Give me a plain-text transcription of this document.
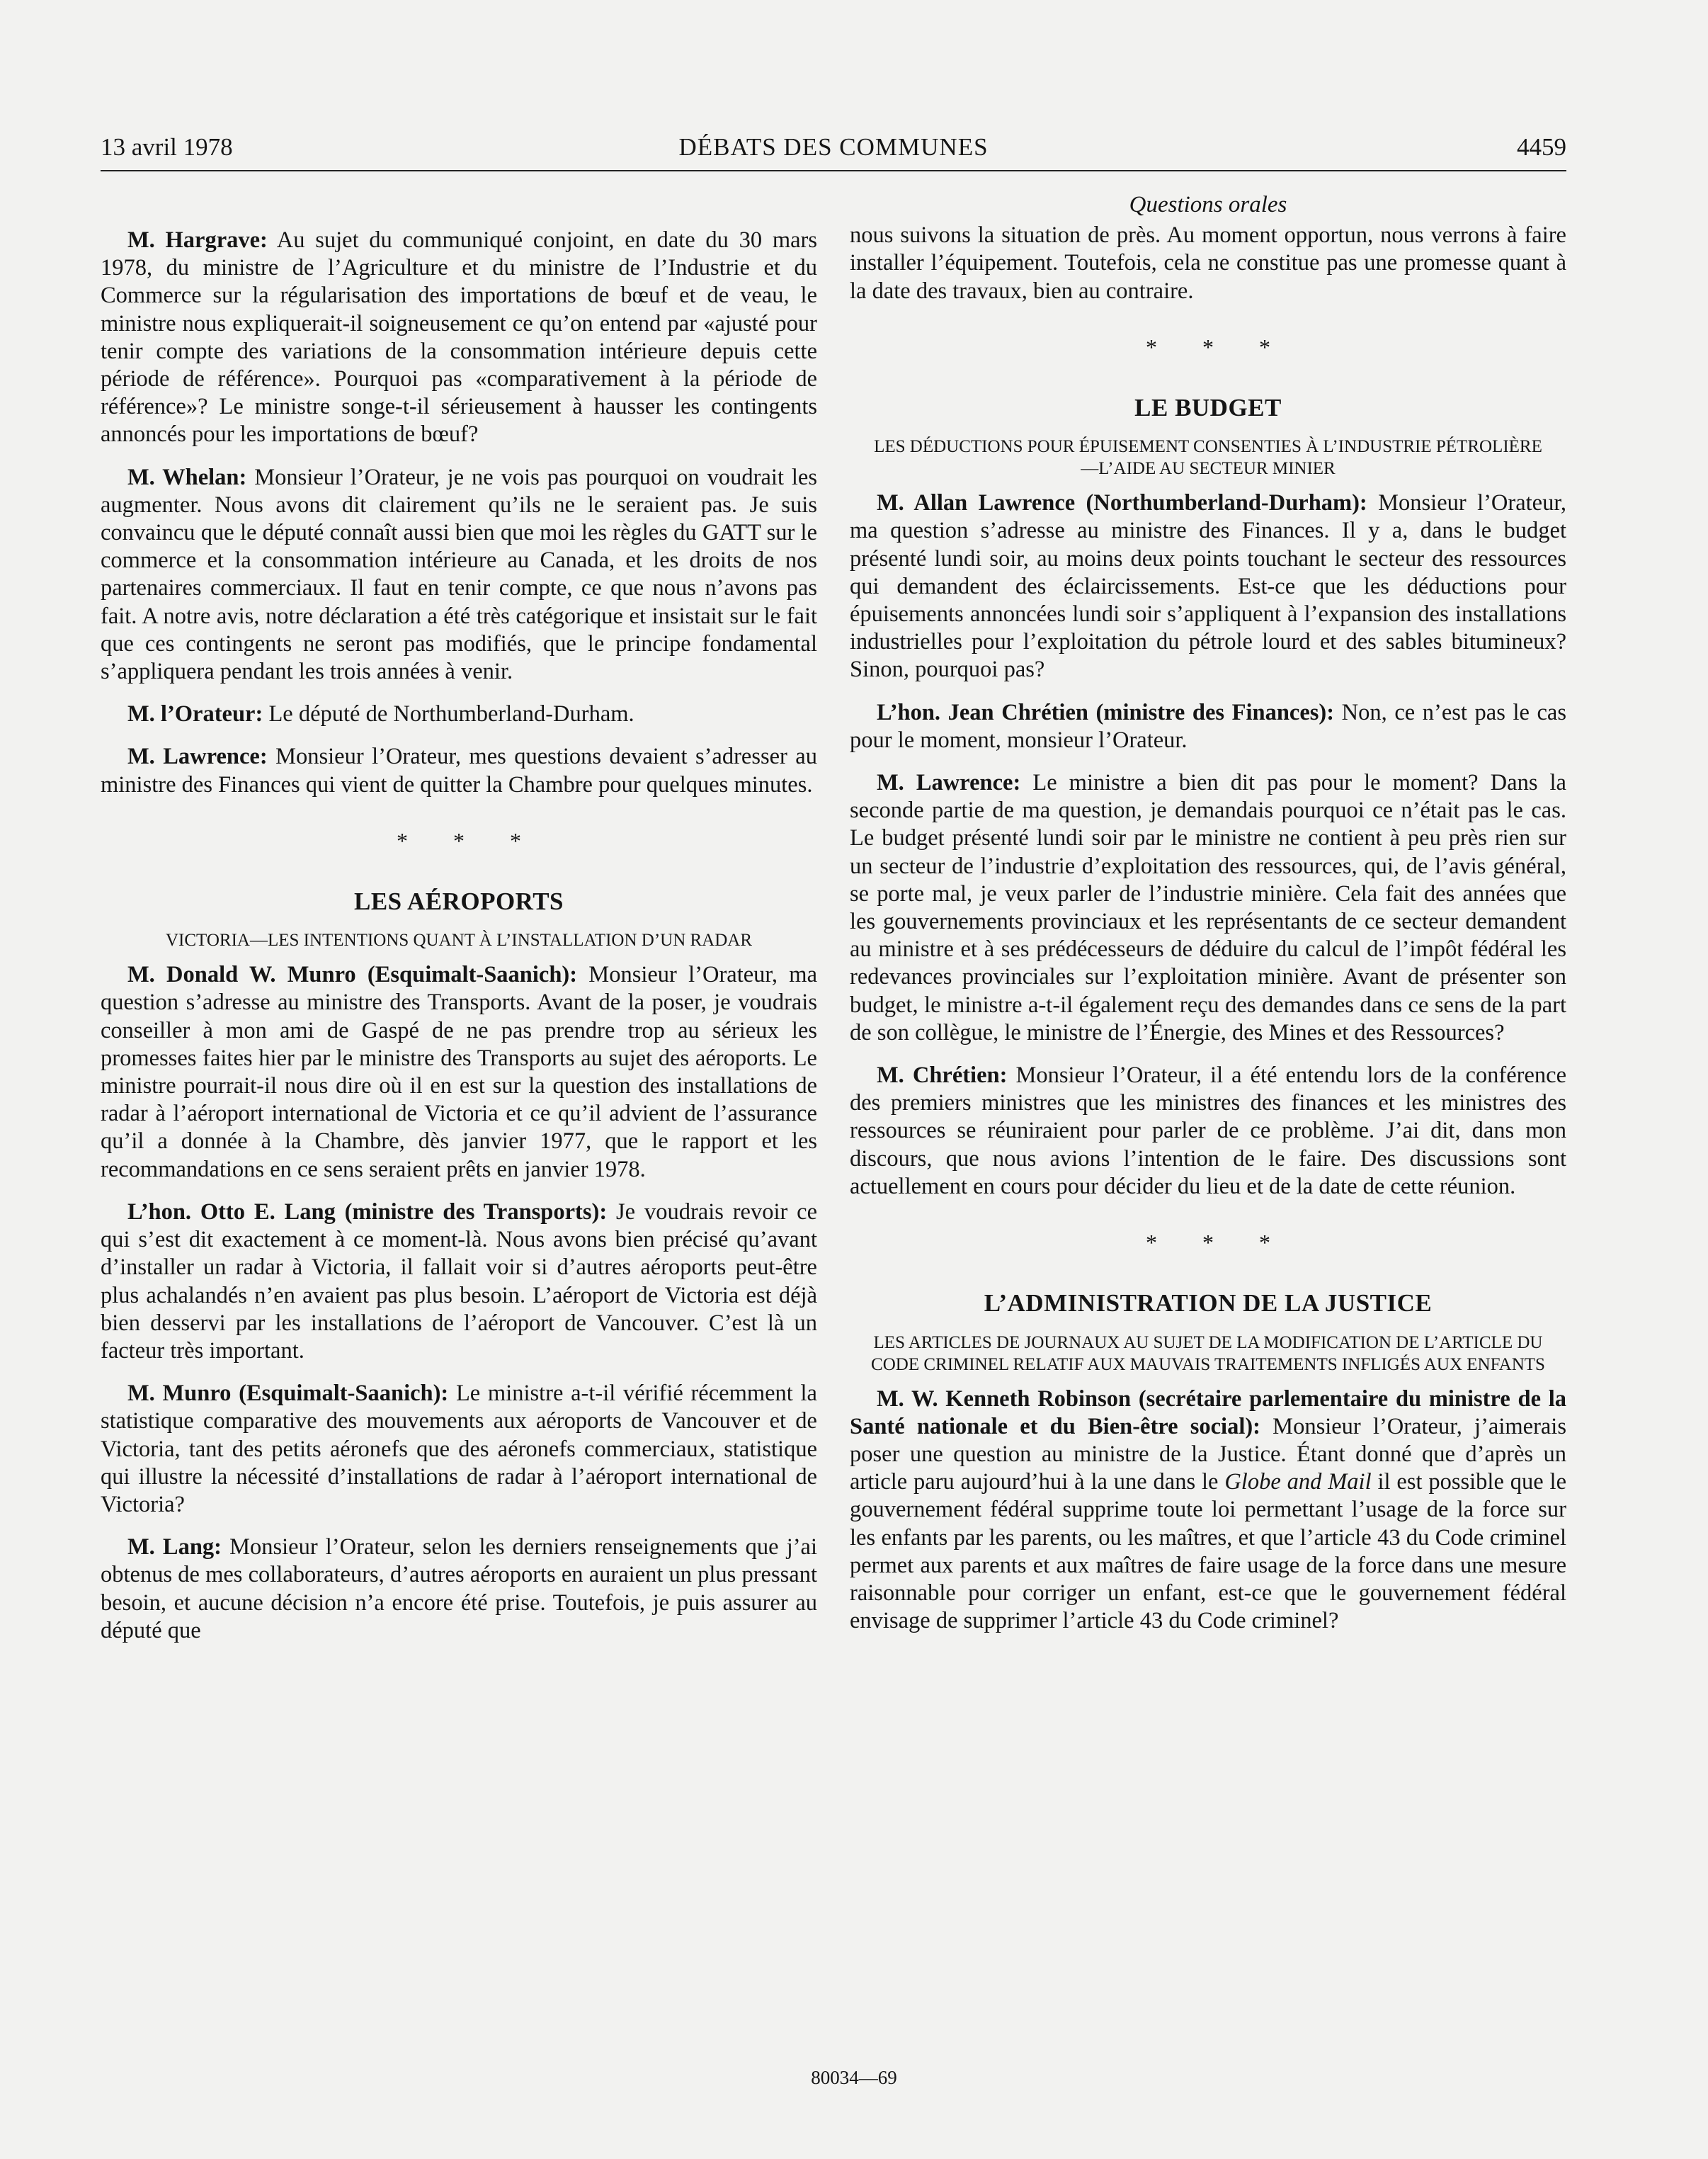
13 avril 1978	DÉBATS DES COMMUNES	4459

M. Hargrave: Au sujet du communiqué conjoint, en date du 30 mars 1978, du ministre de l’Agriculture et du ministre de l’Industrie et du Commerce sur la régularisation des importations de bœuf et de veau, le ministre nous expliquerait-il soigneusement ce qu’on entend par «ajusté pour tenir compte des variations de la consommation intérieure depuis cette période de référence». Pourquoi pas «comparativement à la période de référence»? Le ministre songe-t-il sérieusement à hausser les contingents annoncés pour les importations de bœuf?

M. Whelan: Monsieur l’Orateur, je ne vois pas pourquoi on voudrait les augmenter. Nous avons dit clairement qu’ils ne le seraient pas. Je suis convaincu que le député connaît aussi bien que moi les règles du GATT sur le commerce et la consommation intérieure au Canada, et les droits de nos partenaires commerciaux. Il faut en tenir compte, ce que nous n’avons pas fait. A notre avis, notre déclaration a été très catégorique et insistait sur le fait que ces contingents ne seront pas modifiés, que le principe fondamental s’appliquera pendant les trois années à venir.

M. l’Orateur: Le député de Northumberland-Durham.

M. Lawrence: Monsieur l’Orateur, mes questions devaient s’adresser au ministre des Finances qui vient de quitter la Chambre pour quelques minutes.

* * *
LES AÉROPORTS
VICTORIA—LES INTENTIONS QUANT À L’INSTALLATION D’UN RADAR

M. Donald W. Munro (Esquimalt-Saanich): Monsieur l’Orateur, ma question s’adresse au ministre des Transports. Avant de la poser, je voudrais conseiller à mon ami de Gaspé de ne pas prendre trop au sérieux les promesses faites hier par le ministre des Transports au sujet des aéroports. Le ministre pourrait-il nous dire où il en est sur la question des installations de radar à l’aéroport international de Victoria et ce qu’il advient de l’assurance qu’il a donnée à la Chambre, dès janvier 1977, que le rapport et les recommandations en ce sens seraient prêts en janvier 1978.

L’hon. Otto E. Lang (ministre des Transports): Je voudrais revoir ce qui s’est dit exactement à ce moment-là. Nous avons bien précisé qu’avant d’installer un radar à Victoria, il fallait voir si d’autres aéroports peut-être plus achalandés n’en avaient pas plus besoin. L’aéroport de Victoria est déjà bien desservi par les installations de l’aéroport de Vancouver. C’est là un facteur très important.

M. Munro (Esquimalt-Saanich): Le ministre a-t-il vérifié récemment la statistique comparative des mouvements aux aéroports de Vancouver et de Victoria, tant des petits aéronefs que des aéronefs commerciaux, statistique qui illustre la nécessité d’installations de radar à l’aéroport international de Victoria?

M. Lang: Monsieur l’Orateur, selon les derniers renseignements que j’ai obtenus de mes collaborateurs, d’autres aéroports en auraient un plus pressant besoin, et aucune décision n’a encore été prise. Toutefois, je puis assurer au député que

Questions orales

nous suivons la situation de près. Au moment opportun, nous verrons à faire installer l’équipement. Toutefois, cela ne constitue pas une promesse quant à la date des travaux, bien au contraire.

* * *
LE BUDGET
LES DÉDUCTIONS POUR ÉPUISEMENT CONSENTIES À L’INDUSTRIE PÉTROLIÈRE—L’AIDE AU SECTEUR MINIER

M. Allan Lawrence (Northumberland-Durham): Monsieur l’Orateur, ma question s’adresse au ministre des Finances. Il y a, dans le budget présenté lundi soir, au moins deux points touchant le secteur des ressources qui demandent des éclaircissements. Est-ce que les déductions pour épuisements annoncées lundi soir s’appliquent à l’expansion des installations industrielles pour l’exploitation du pétrole lourd et des sables bitumineux? Sinon, pourquoi pas?

L’hon. Jean Chrétien (ministre des Finances): Non, ce n’est pas le cas pour le moment, monsieur l’Orateur.

M. Lawrence: Le ministre a bien dit pas pour le moment? Dans la seconde partie de ma question, je demandais pourquoi ce n’était pas le cas. Le budget présenté lundi soir par le ministre ne contient à peu près rien sur un secteur de l’industrie d’exploitation des ressources, qui, de l’avis général, se porte mal, je veux parler de l’industrie minière. Cela fait des années que les gouvernements provinciaux et les représentants de ce secteur demandent au ministre et à ses prédécesseurs de déduire du calcul de l’impôt fédéral les redevances provinciales sur l’exploitation minière. Avant de présenter son budget, le ministre a-t-il également reçu des demandes dans ce sens de la part de son collègue, le ministre de l’Énergie, des Mines et des Ressources?

M. Chrétien: Monsieur l’Orateur, il a été entendu lors de la conférence des premiers ministres que les ministres des finances et les ministres des ressources se réuniraient pour parler de ce problème. J’ai dit, dans mon discours, que nous avions l’intention de le faire. Des discussions sont actuellement en cours pour décider du lieu et de la date de cette réunion.

* * *
L’ADMINISTRATION DE LA JUSTICE
LES ARTICLES DE JOURNAUX AU SUJET DE LA MODIFICATION DE L’ARTICLE DU CODE CRIMINEL RELATIF AUX MAUVAIS TRAITEMENTS INFLIGÉS AUX ENFANTS

M. W. Kenneth Robinson (secrétaire parlementaire du ministre de la Santé nationale et du Bien-être social): Monsieur l’Orateur, j’aimerais poser une question au ministre de la Justice. Étant donné que d’après un article paru aujourd’hui à la une dans le Globe and Mail il est possible que le gouvernement fédéral supprime toute loi permettant l’usage de la force sur les enfants par les parents, ou les maîtres, et que l’article 43 du Code criminel permet aux parents et aux maîtres de faire usage de la force dans une mesure raisonnable pour corriger un enfant, est-ce que le gouvernement fédéral envisage de supprimer l’article 43 du Code criminel?

80034—69
